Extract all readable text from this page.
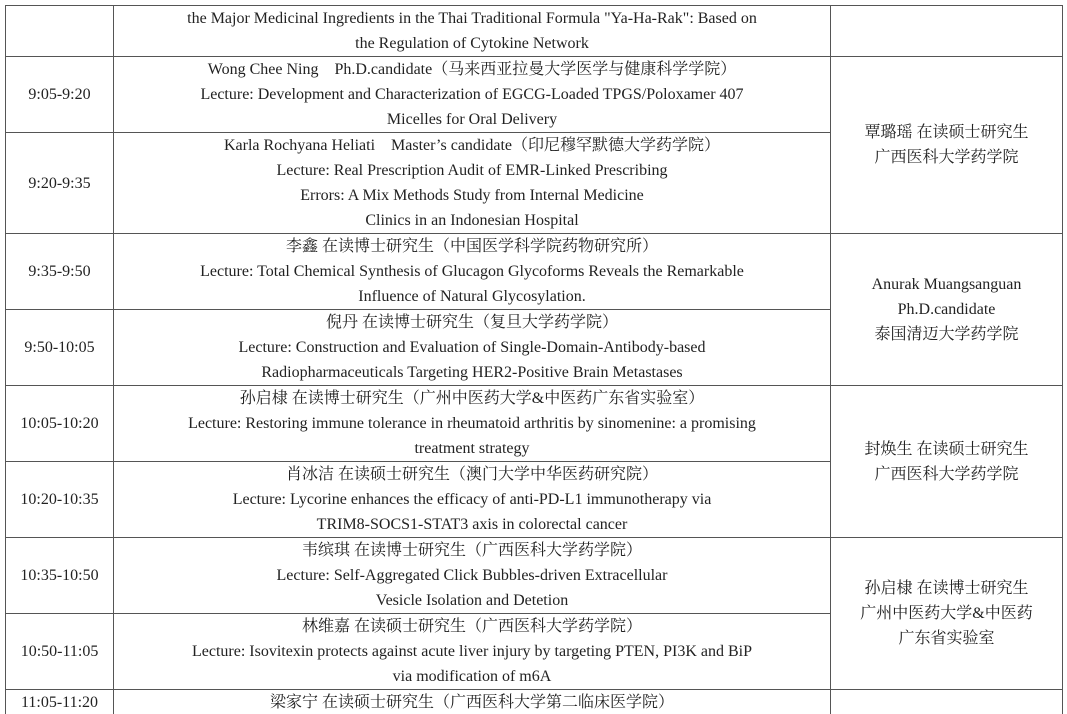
	the Major Medicinal Ingredients in the Thai Traditional Formula "Ya-Ha-Rak": Based on
the Regulation of Cytokine Network	

9:05-9:20	Wong Chee Ning　Ph.D.candidate（马来西亚拉曼大学医学与健康科学学院）
Lecture: Development and Characterization of EGCG-Loaded TPGS/Poloxamer 407
Micelles for Oral Delivery	覃璐瑶 在读硕士研究生
广西医科大学药学院

9:20-9:35	Karla Rochyana Heliati　Master’s candidate（印尼穆罕默德大学药学院）
Lecture: Real Prescription Audit of EMR-Linked Prescribing
Errors: A Mix Methods Study from Internal Medicine
Clinics in an Indonesian Hospital	

9:35-9:50	李鑫 在读博士研究生（中国医学科学院药物研究所）
Lecture: Total Chemical Synthesis of Glucagon Glycoforms Reveals the Remarkable
Influence of Natural Glycosylation.	Anurak Muangsanguan
Ph.D.candidate
泰国清迈大学药学院

9:50-10:05	倪丹 在读博士研究生（复旦大学药学院）
Lecture: Construction and Evaluation of Single-Domain-Antibody-based
Radiopharmaceuticals Targeting HER2-Positive Brain Metastases	

10:05-10:20	孙启棣 在读博士研究生（广州中医药大学&中医药广东省实验室）
Lecture: Restoring immune tolerance in rheumatoid arthritis by sinomenine: a promising
treatment strategy	封焕生 在读硕士研究生
广西医科大学药学院

10:20-10:35	肖冰洁 在读硕士研究生（澳门大学中华医药研究院）
Lecture: Lycorine enhances the efficacy of anti-PD-L1 immunotherapy via
TRIM8-SOCS1-STAT3 axis in colorectal cancer	

10:35-10:50	韦缤琪 在读博士研究生（广西医科大学药学院）
Lecture: Self-Aggregated Click Bubbles-driven Extracellular
Vesicle Isolation and Detetion	孙启棣 在读博士研究生
广州中医药大学&中医药
广东省实验室

10:50-11:05	林维嘉 在读硕士研究生（广西医科大学药学院）
Lecture: Isovitexin protects against acute liver injury by targeting PTEN, PI3K and BiP
via modification of m6A	

11:05-11:20	梁家宁 在读硕士研究生（广西医科大学第二临床医学院）	
